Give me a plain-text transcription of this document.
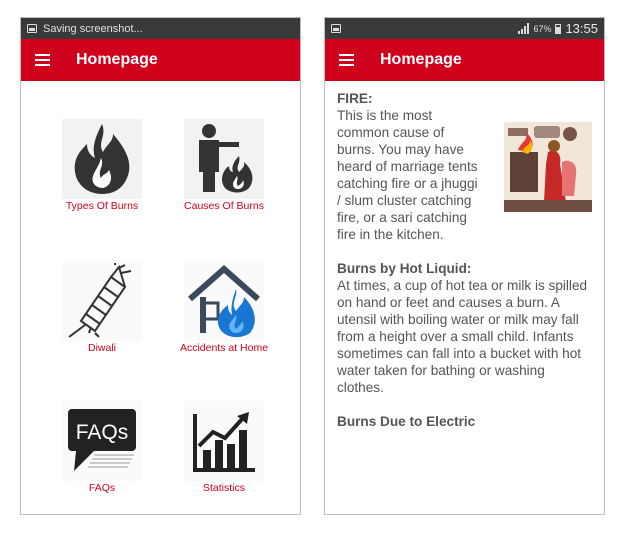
Saving screenshot...
Homepage
Types Of Burns	Causes Of Burns
Diwali	Accidents at Home
FAQs
FAQs	Statistics
67% 13:55
Homepage
FIRE:

This is the most common cause of burns. You may have heard of marriage tents catching fire or a jhuggi / slum cluster catching fire, or a sari catching fire in the kitchen.

Burns by Hot Liquid:

At times, a cup of hot tea or milk is spilled on hand or feet and causes a burn. A utensil with boiling water or milk may fall from a height over a small child. Infants sometimes can fall into a bucket with hot water taken for bathing or washing clothes.

Burns Due to Electric
